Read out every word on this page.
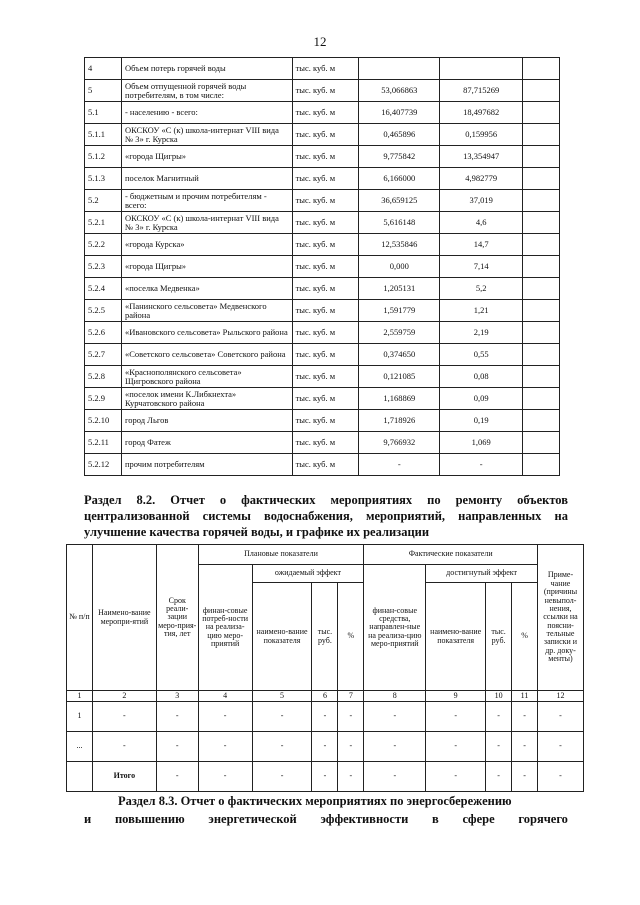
12
4	Объем потерь горячей воды	тыс. куб. м			
5	Объем отпущенной горячей воды потребителям, в том числе:	тыс. куб. м	53,066863	87,715269	
5.1	- населению - всего:	тыс. куб. м	16,407739	18,497682	
5.1.1	ОКСКОУ «С (к) школа-интернат VIII вида № 3» г. Курска	тыс. куб. м	0,465896	0,159956	
5.1.2	«города Щигры»	тыс. куб. м	9,775842	13,354947	
5.1.3	поселок Магнитный	тыс. куб. м	6,166000	4,982779	
5.2	- бюджетным и прочим потребителям - всего:	тыс. куб. м	36,659125	37,019	
5.2.1	ОКСКОУ «С (к) школа-интернат VIII вида № 3» г. Курска	тыс. куб. м	5,616148	4,6	
5.2.2	«города Курска»	тыс. куб. м	12,535846	14,7	
5.2.3	«города Щигры»	тыс. куб. м	0,000	7,14	
5.2.4	«поселка Медвенка»	тыс. куб. м	1,205131	5,2	
5.2.5	«Панинского сельсовета» Медвенского района	тыс. куб. м	1,591779	1,21	
5.2.6	«Ивановского сельсовета» Рыльского района	тыс. куб. м	2,559759	2,19	
5.2.7	«Советского сельсовета» Советского района	тыс. куб. м	0,374650	0,55	
5.2.8	«Краснополянского сельсовета» Щигровского района	тыс. куб. м	0,121085	0,08	
5.2.9	«поселок имени К.Либкнехта» Курчатовского района	тыс. куб. м	1,168869	0,09	
5.2.10	город Льгов	тыс. куб. м	1,718926	0,19	
5.2.11	город Фатеж	тыс. куб. м	9,766932	1,069	
5.2.12	прочим потребителям	тыс. куб. м	-	-	
Раздел 8.2. Отчет о фактических мероприятиях по ремонту объектов централизованной системы водоснабжения, мероприятий, направленных на улучшение качества горячей воды, и графике их реализации
№ п/п	Наимено-вание меропри-ятий	Срок реали-зации меро-прия-тия, лет	Плановые показатели				Фактические показатели				Приме-чание (причины невыпол-нения, ссылки на поясни-тельные записки и др. доку-менты)
			финан-совые потреб-ности на реализа-цию меро-приятий	ожидаемый эффект			финан-совые средства, направлен-ные на реализа-цию меро-приятий	достигнутый эффект			
				наимено-вание показателя	тыс. руб.	%		наимено-вание показателя	тыс. руб.	%	
1	2	3	4	5	6	7	8	9	10	11	12
1	-	-	-	-	-	-	-	-	-	-	-
...	-	-	-	-	-	-	-	-	-	-	-
	Итого	-	-	-	-	-	-	-	-	-	-
Раздел 8.3. Отчет о фактических мероприятиях по энергосбережению
и повышению энергетической эффективности в сфере горячего
